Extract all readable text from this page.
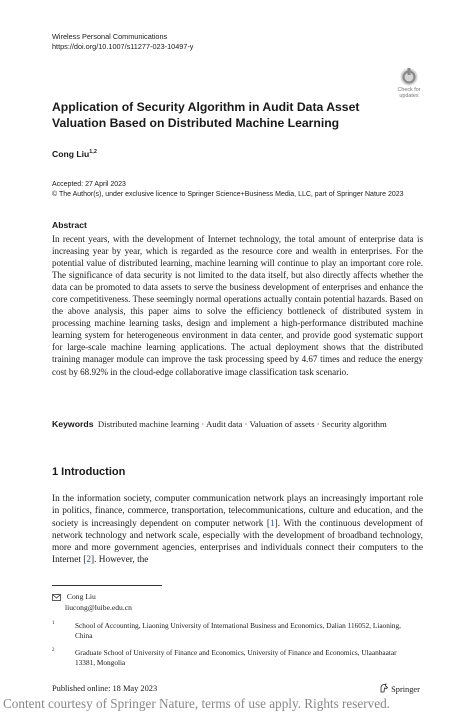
Wireless Personal Communications
https://doi.org/10.1007/s11277-023-10497-y
Check for
updates
Application of Security Algorithm in Audit Data Asset Valuation Based on Distributed Machine Learning
Cong Liu$^{1,2}$
Accepted: 27 April 2023
© The Author(s), under exclusive licence to Springer Science+Business Media, LLC, part of Springer Nature 2023
Abstract
In recent years, with the development of Internet technology, the total amount of enterprise data is increasing year by year, which is regarded as the resource core and wealth in enterprises. For the potential value of distributed learning, machine learning will continue to play an important core role. The significance of data security is not limited to the data itself, but also directly affects whether the data can be promoted to data assets to serve the business development of enterprises and enhance the core competitiveness. These seemingly normal operations actually contain potential hazards. Based on the above analysis, this paper aims to solve the efficiency bottleneck of distributed system in processing machine learning tasks, design and implement a high-performance distributed machine learning system for heterogeneous environment in data center, and provide good systematic support for large-scale machine learning applications. The actual deployment shows that the distributed training manager module can improve the task processing speed by 4.67 times and reduce the energy cost by 68.92% in the cloud-edge collaborative image classification task scenario.
Keywords Distributed machine learning · Audit data · Valuation of assets · Security algorithm
1 Introduction
In the information society, computer communication network plays an increasingly important role in politics, finance, commerce, transportation, telecommunications, culture and education, and the society is increasingly dependent on computer network [1]. With the continuous development of network technology and network scale, especially with the development of broadband technology, more and more government agencies, enterprises and individuals connect their computers to the Internet [2]. However, the
Cong Liu
liucong@luibe.edu.cn
1	School of Accounting, Liaoning University of International Business and Economics, Dalian 116052, Liaoning, China
2	Graduate School of University of Finance and Economics, University of Finance and Economics, Ulaanbaatar 13381, Mongolia
Published online: 18 May 2023	Springer
Content courtesy of Springer Nature, terms of use apply. Rights reserved.
